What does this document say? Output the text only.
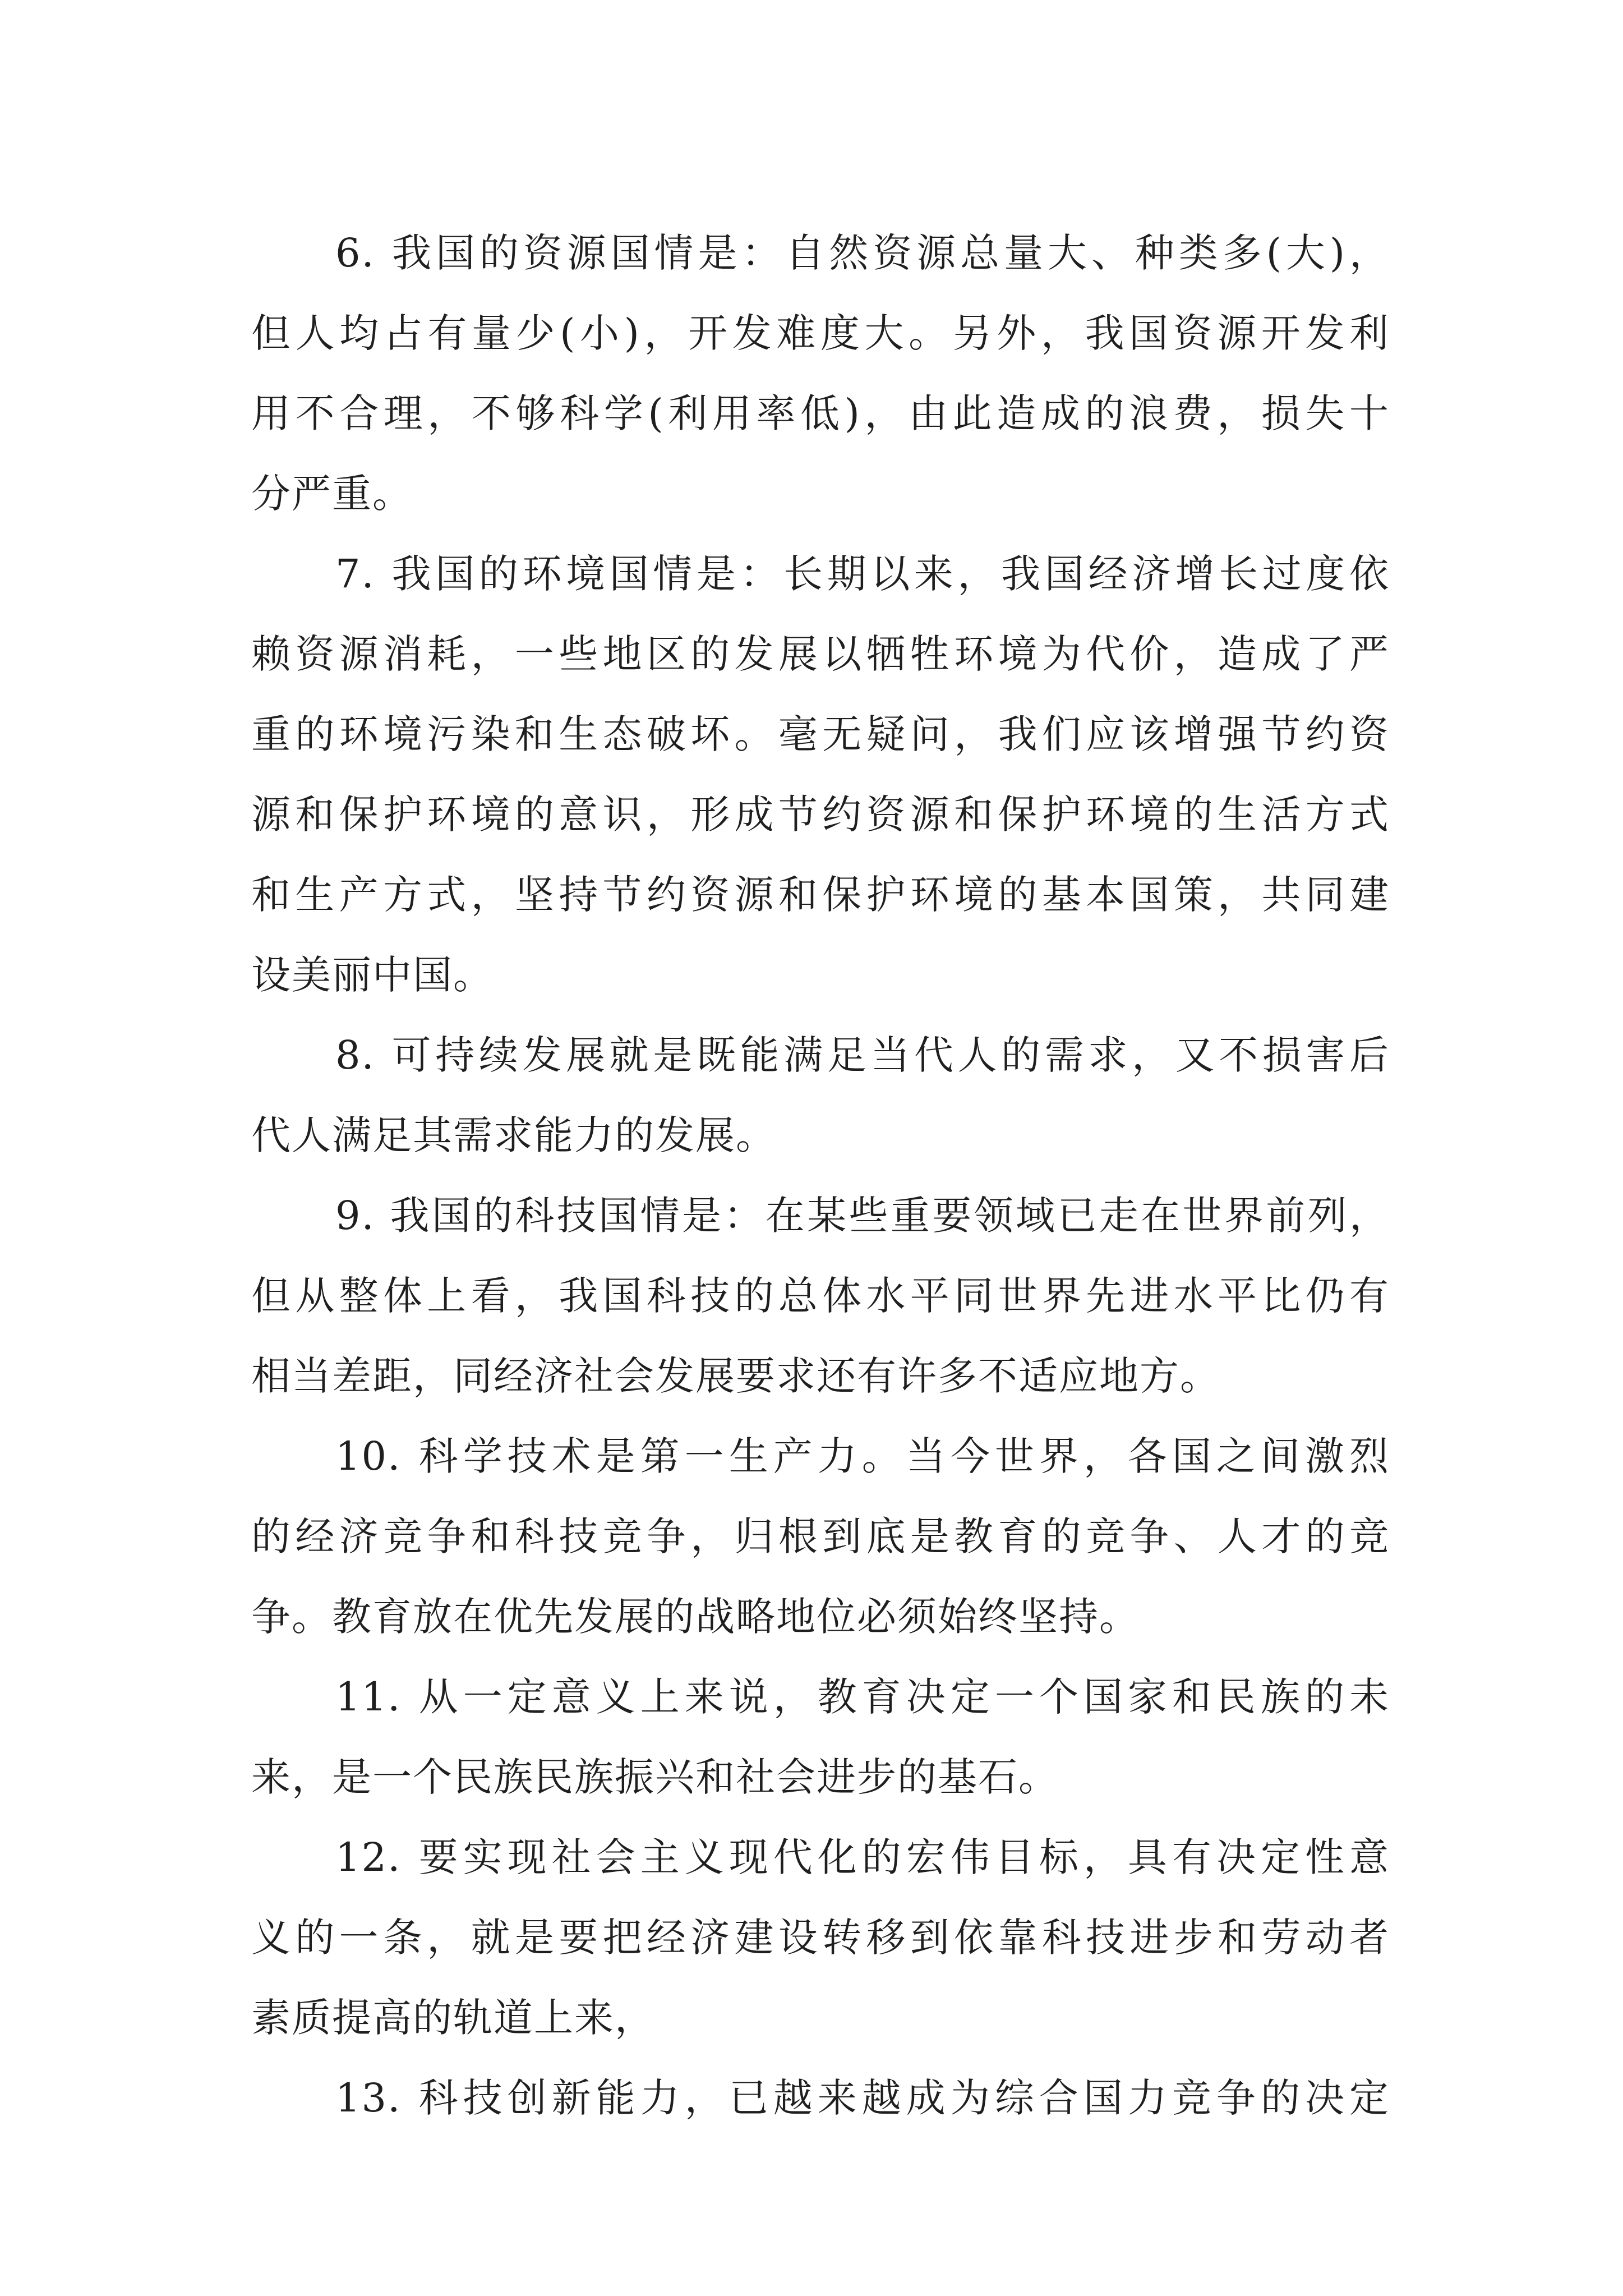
6. 我国的资源国情是：自然资源总量大、种类多(大)，
但人均占有量少(小)，开发难度大。另外，我国资源开发利
用不合理，不够科学(利用率低)，由此造成的浪费，损失十
分严重。
7. 我国的环境国情是：长期以来，我国经济增长过度依
赖资源消耗，一些地区的发展以牺牲环境为代价，造成了严
重的环境污染和生态破坏。毫无疑问，我们应该增强节约资
源和保护环境的意识，形成节约资源和保护环境的生活方式
和生产方式，坚持节约资源和保护环境的基本国策，共同建
设美丽中国。
8. 可持续发展就是既能满足当代人的需求，又不损害后
代人满足其需求能力的发展。
9. 我国的科技国情是：在某些重要领域已走在世界前列，
但从整体上看，我国科技的总体水平同世界先进水平比仍有
相当差距，同经济社会发展要求还有许多不适应地方。
10. 科学技术是第一生产力。当今世界，各国之间激烈
的经济竞争和科技竞争，归根到底是教育的竞争、人才的竞
争。教育放在优先发展的战略地位必须始终坚持。
11. 从一定意义上来说，教育决定一个国家和民族的未
来，是一个民族民族振兴和社会进步的基石。
12. 要实现社会主义现代化的宏伟目标，具有决定性意
义的一条，就是要把经济建设转移到依靠科技进步和劳动者
素质提高的轨道上来，
13. 科技创新能力，已越来越成为综合国力竞争的决定
